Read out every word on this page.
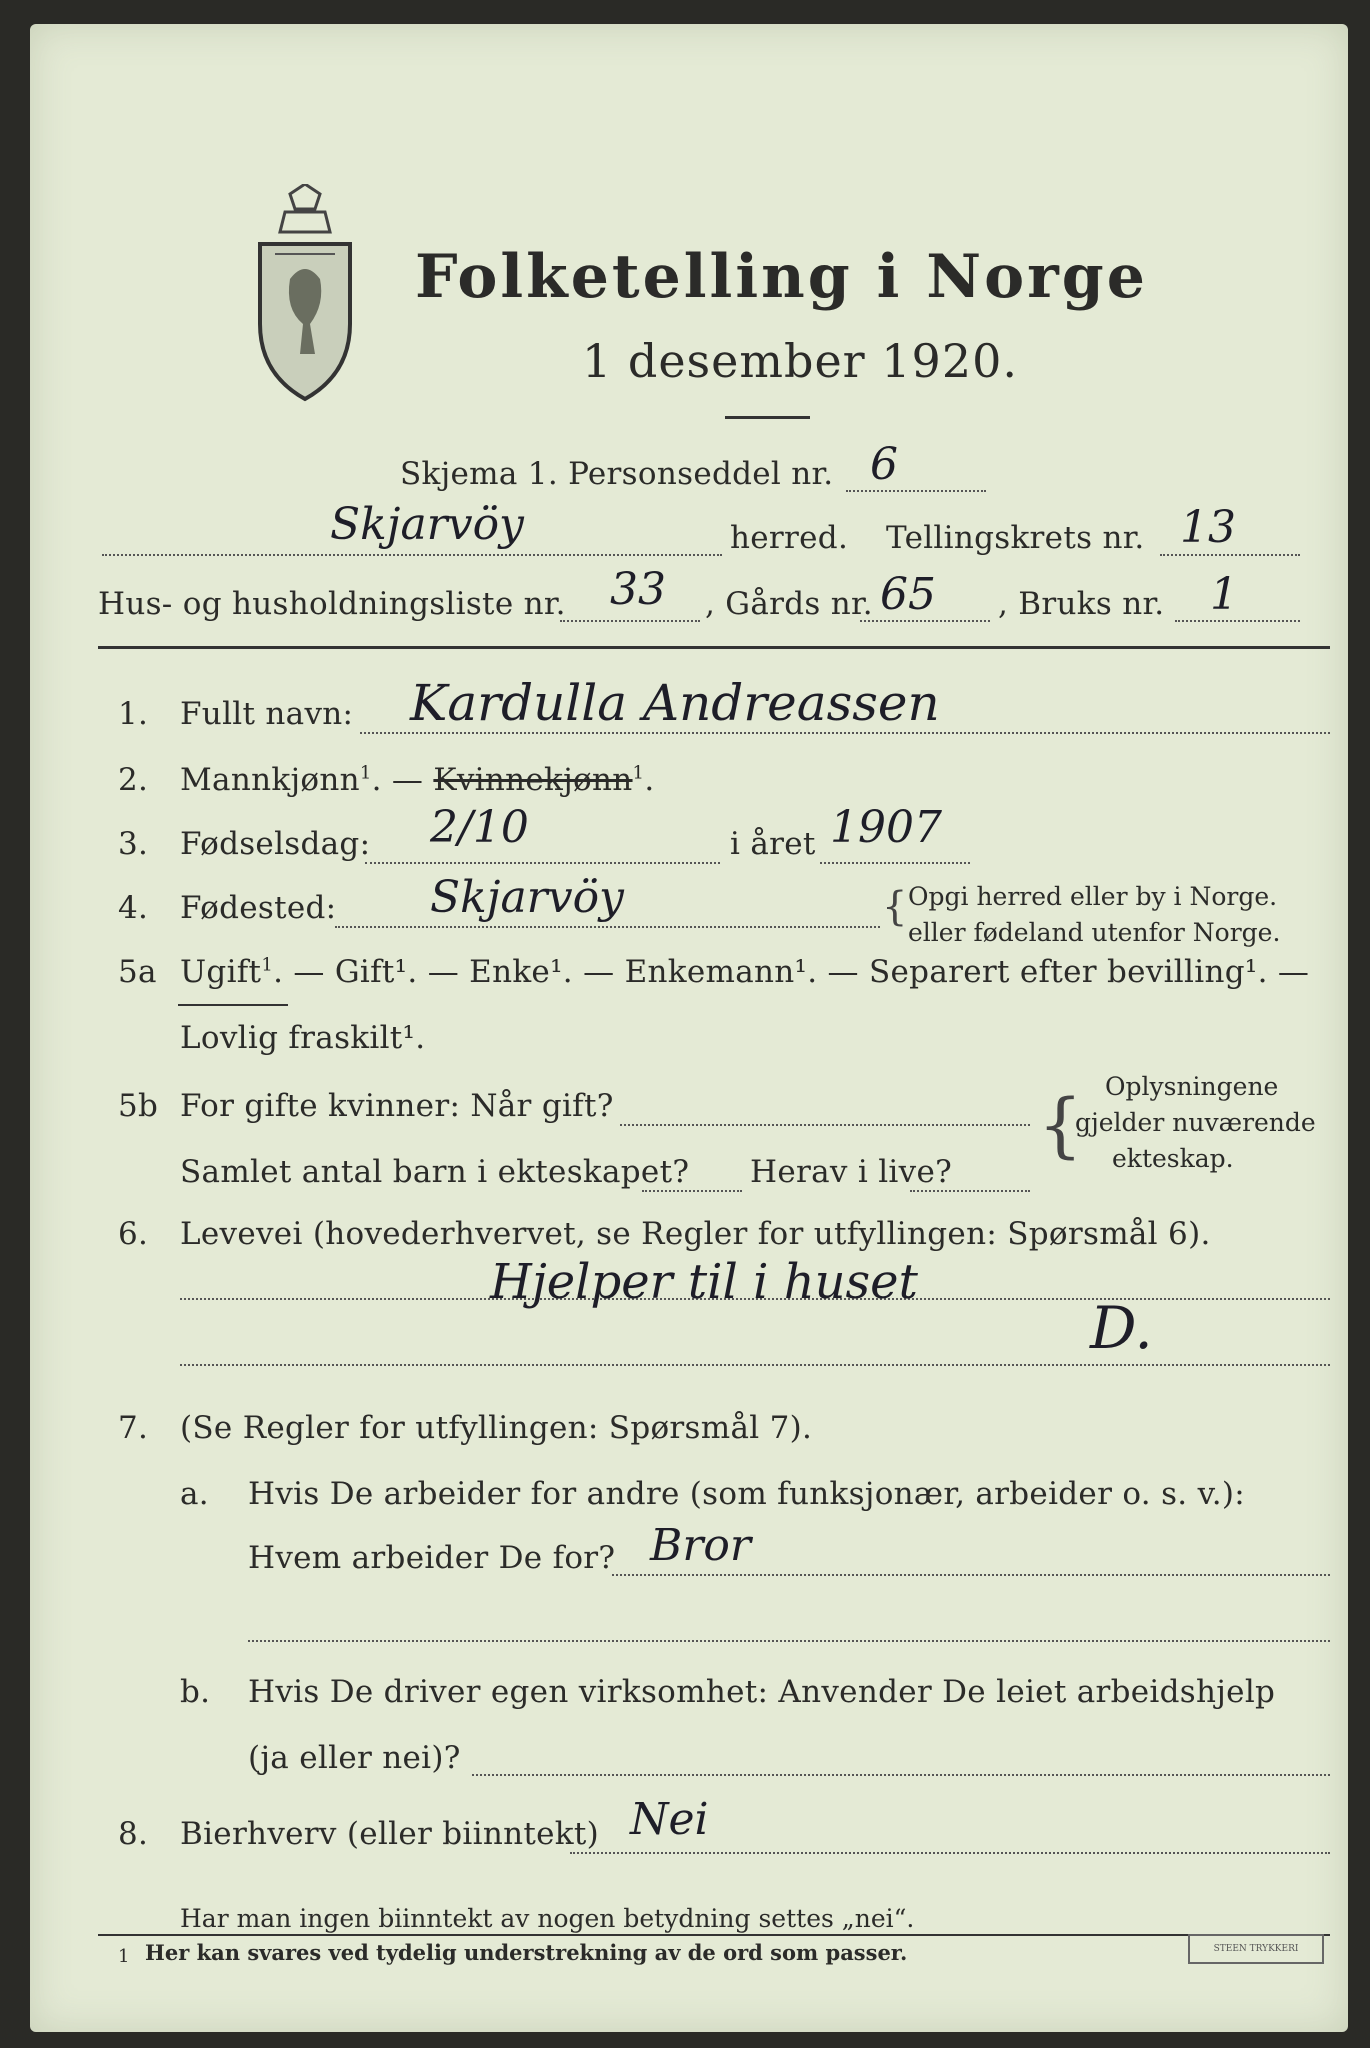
Folketelling i Norge
1 desember 1920.
Skjema 1. Personseddel nr. 6
Skjarvöy	herred. Tellingskrets nr. 13
Hus- og husholdningsliste nr. 33 , Gårds nr. 65 , Bruks nr. 1
1. Fullt navn: Kardulla Andreassen
2. Mannkjønn$^1$. — Kvinnekjønn$^1$.
3. Fødselsdag: 2/10	i året 1907
4. Fødested: Skjarvöy	{ Opgi herred eller by i Norge.
eller fødeland utenfor Norge.
5a Ugift$^1$. — Gift¹. — Enke¹. — Enkemann¹. — Separert efter bevilling¹. —
Lovlig fraskilt¹.
5b For gifte kvinner: Når gift?
Samlet antal barn i ekteskapet? Herav i live?
{ Oplysningene
gjelder nuværende
ekteskap.
6. Levevei (hovederhvervet, se Regler for utfyllingen: Spørsmål 6).
Hjelper til i huset
D.
7. (Se Regler for utfyllingen: Spørsmål 7).
a. Hvis De arbeider for andre (som funksjonær, arbeider o. s. v.):
Hvem arbeider De for? Bror
b. Hvis De driver egen virksomhet: Anvender De leiet arbeidshjelp
(ja eller nei)?
8. Bierhverv (eller biinntekt) Nei
Har man ingen biinntekt av nogen betydning settes „nei“.
1 Her kan svares ved tydelig understrekning av de ord som passer.	STEEN TRYKKERI
